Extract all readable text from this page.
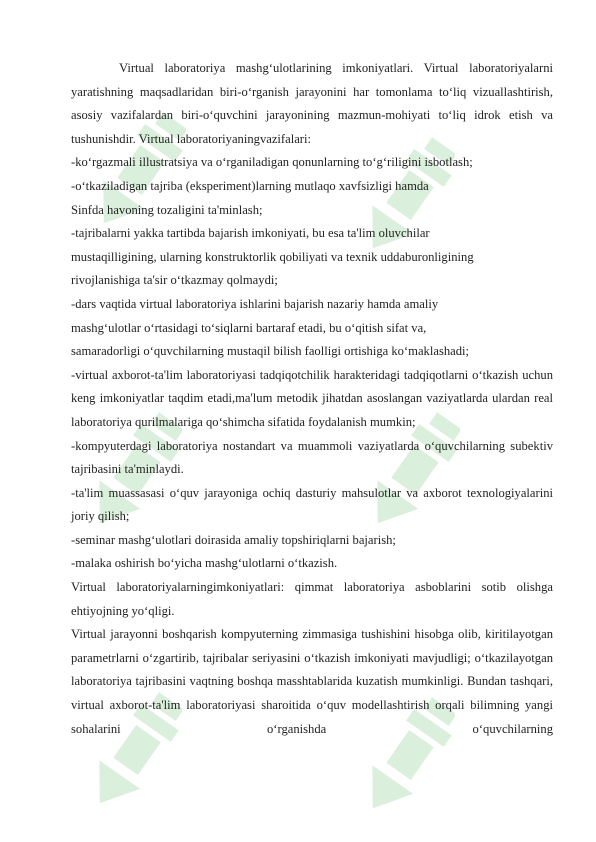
Virtual laboratoriya mashg‘ulotlarining imkoniyatlari. Virtual laboratoriyalarni yaratishning maqsadlaridan biri-o‘rganish jarayonini har tomonlama to‘liq vizuallashtirish, asosiy vazifalardan biri-o‘quvchini jarayonining mazmun-mohiyati to‘liq idrok etish va tushunishdir. Virtual laboratoriyaningvazifalari:

-ko‘rgazmali illustratsiya va o‘rganiladigan qonunlarning to‘g‘riligini isbotlash;

-o‘tkaziladigan tajriba (eksperiment)larning mutlaqo xavfsizligi hamda

Sinfda havoning tozaligini ta'minlash;

-tajribalarni yakka tartibda bajarish imkoniyati, bu esa ta'lim oluvchilar

mustaqilligining, ularning konstruktorlik qobiliyati va texnik uddaburonligining

rivojlanishiga ta'sir o‘tkazmay qolmaydi;

-dars vaqtida virtual laboratoriya ishlarini bajarish nazariy hamda amaliy

mashg‘ulotlar o‘rtasidagi to‘siqlarni bartaraf etadi, bu o‘qitish sifat va,

samaradorligi o‘quvchilarning mustaqil bilish faolligi ortishiga ko‘maklashadi;

-virtual axborot-ta'lim laboratoriyasi tadqiqotchilik harakteridagi tadqiqotlarni o‘tkazish uchun keng imkoniyatlar taqdim etadi,ma'lum metodik jihatdan asoslangan vaziyatlarda ulardan real laboratoriya qurilmalariga qo‘shimcha sifatida foydalanish mumkin;

-kompyuterdagi laboratoriya nostandart va muammoli vaziyatlarda o‘quvchilarning subektiv tajribasini ta'minlaydi.

-ta'lim muassasasi o‘quv jarayoniga ochiq dasturiy mahsulotlar va axborot texnologiyalarini joriy qilish;

-seminar mashg‘ulotlari doirasida amaliy topshiriqlarni bajarish;

-malaka oshirish bo‘yicha mashg‘ulotlarni o‘tkazish.

Virtual laboratoriyalarningimkoniyatlari: qimmat laboratoriya asboblarini sotib olishga ehtiyojning yo‘qligi.

Virtual jarayonni boshqarish kompyuterning zimmasiga tushishini hisobga olib, kiritilayotgan parametrlarni o‘zgartirib, tajribalar seriyasini o‘tkazish imkoniyati mavjudligi; o‘tkazilayotgan laboratoriya tajribasini vaqtning boshqa masshtablarida kuzatish mumkinligi. Bundan tashqari, virtual axborot-ta'lim laboratoriyasi sharoitida o‘quv modellashtirish orqali bilimning yangi sohalarini o‘rganishda o‘quvchilarning
